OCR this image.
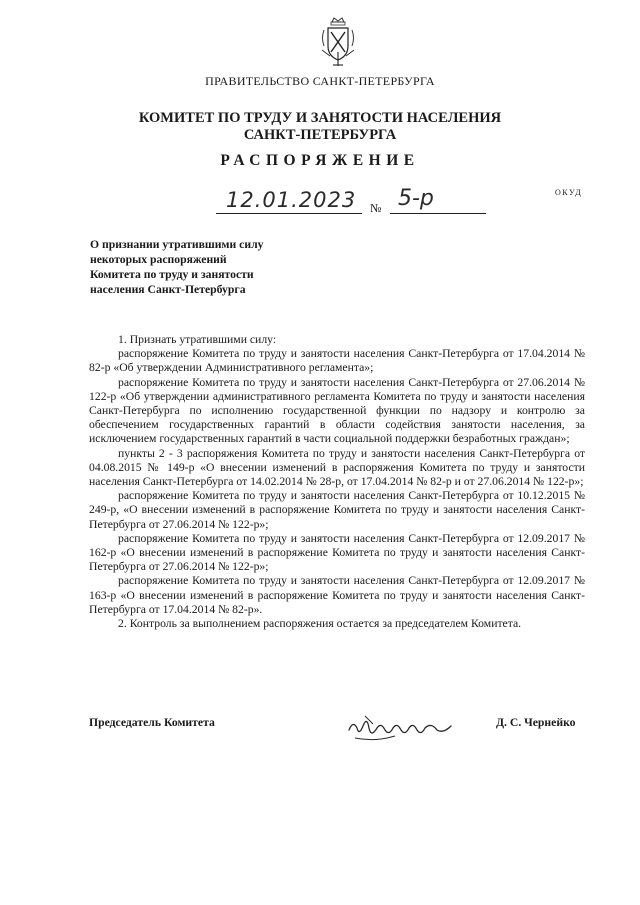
ПРАВИТЕЛЬСТВО САНКТ-ПЕТЕРБУРГА
КОМИТЕТ ПО ТРУДУ И ЗАНЯТОСТИ НАСЕЛЕНИЯ
САНКТ-ПЕТЕРБУРГА
РАСПОРЯЖЕНИЕ
ОКУД
12.01.2023 № 5-р
О признании утратившими силу
некоторых распоряжений
Комитета по труду и занятости
населения Санкт-Петербурга

1. Признать утратившими силу:

распоряжение Комитета по труду и занятости населения Санкт-Петербурга от 17.04.2014 № 82-р «Об утверждении Административного регламента»;

распоряжение Комитета по труду и занятости населения Санкт-Петербурга от 27.06.2014 № 122-р «Об утверждении административного регламента Комитета по труду и занятости населения Санкт-Петербурга по исполнению государственной функции по надзору и контролю за обеспечением государственных гарантий в области содействия занятости населения, за исключением государственных гарантий в части социальной поддержки безработных граждан»;

пункты 2 - 3 распоряжения Комитета по труду и занятости населения Санкт-Петербурга от 04.08.2015 № 149-р «О внесении изменений в распоряжения Комитета по труду и занятости населения Санкт-Петербурга от 14.02.2014 № 28-р, от 17.04.2014 № 82-р и от 27.06.2014 № 122-р»;

распоряжение Комитета по труду и занятости населения Санкт-Петербурга от 10.12.2015 № 249-р, «О внесении изменений в распоряжение Комитета по труду и занятости населения Санкт-Петербурга от 27.06.2014 № 122-р»;

распоряжение Комитета по труду и занятости населения Санкт-Петербурга от 12.09.2017 № 162-р «О внесении изменений в распоряжение Комитета по труду и занятости населения Санкт-Петербурга от 27.06.2014 № 122-р»;

распоряжение Комитета по труду и занятости населения Санкт-Петербурга от 12.09.2017 № 163-р «О внесении изменений в распоряжение Комитета по труду и занятости населения Санкт-Петербурга от 17.04.2014 № 82-р».

2. Контроль за выполнением распоряжения остается за председателем Комитета.

Председатель Комитета	Д. С. Чернейко
